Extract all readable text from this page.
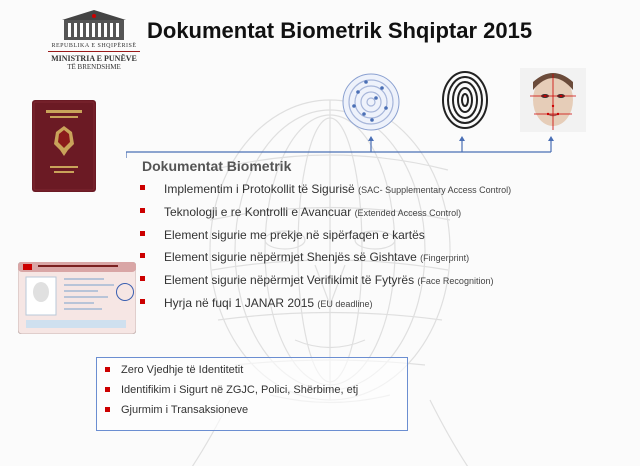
REPUBLIKA E SHQIPËRISË
MINISTRIA E PUNËVE
TË BRENDSHME
Dokumentat Biometrik Shqiptar 2015
Dokumentat Biometrik
Implementim i Protokollit të Sigurisë (SAC- Supplementary Access Control)
Teknologji e re Kontrolli e Avancuar (Extended Access Control)
Element sigurie me prekje në sipërfaqen e kartës
Element sigurie nëpërmjet Shenjës së Gishtave (Fingerprint)
Element sigurie nëpërmjet Verifikimit të Fytyrës (Face Recognition)
Hyrja në fuqi 1 JANAR 2015 (EU deadline)
Zero Vjedhje të Identitetit
Identifikim i Sigurt në ZGJC, Polici, Shërbime, etj
Gjurmim i Transaksioneve
